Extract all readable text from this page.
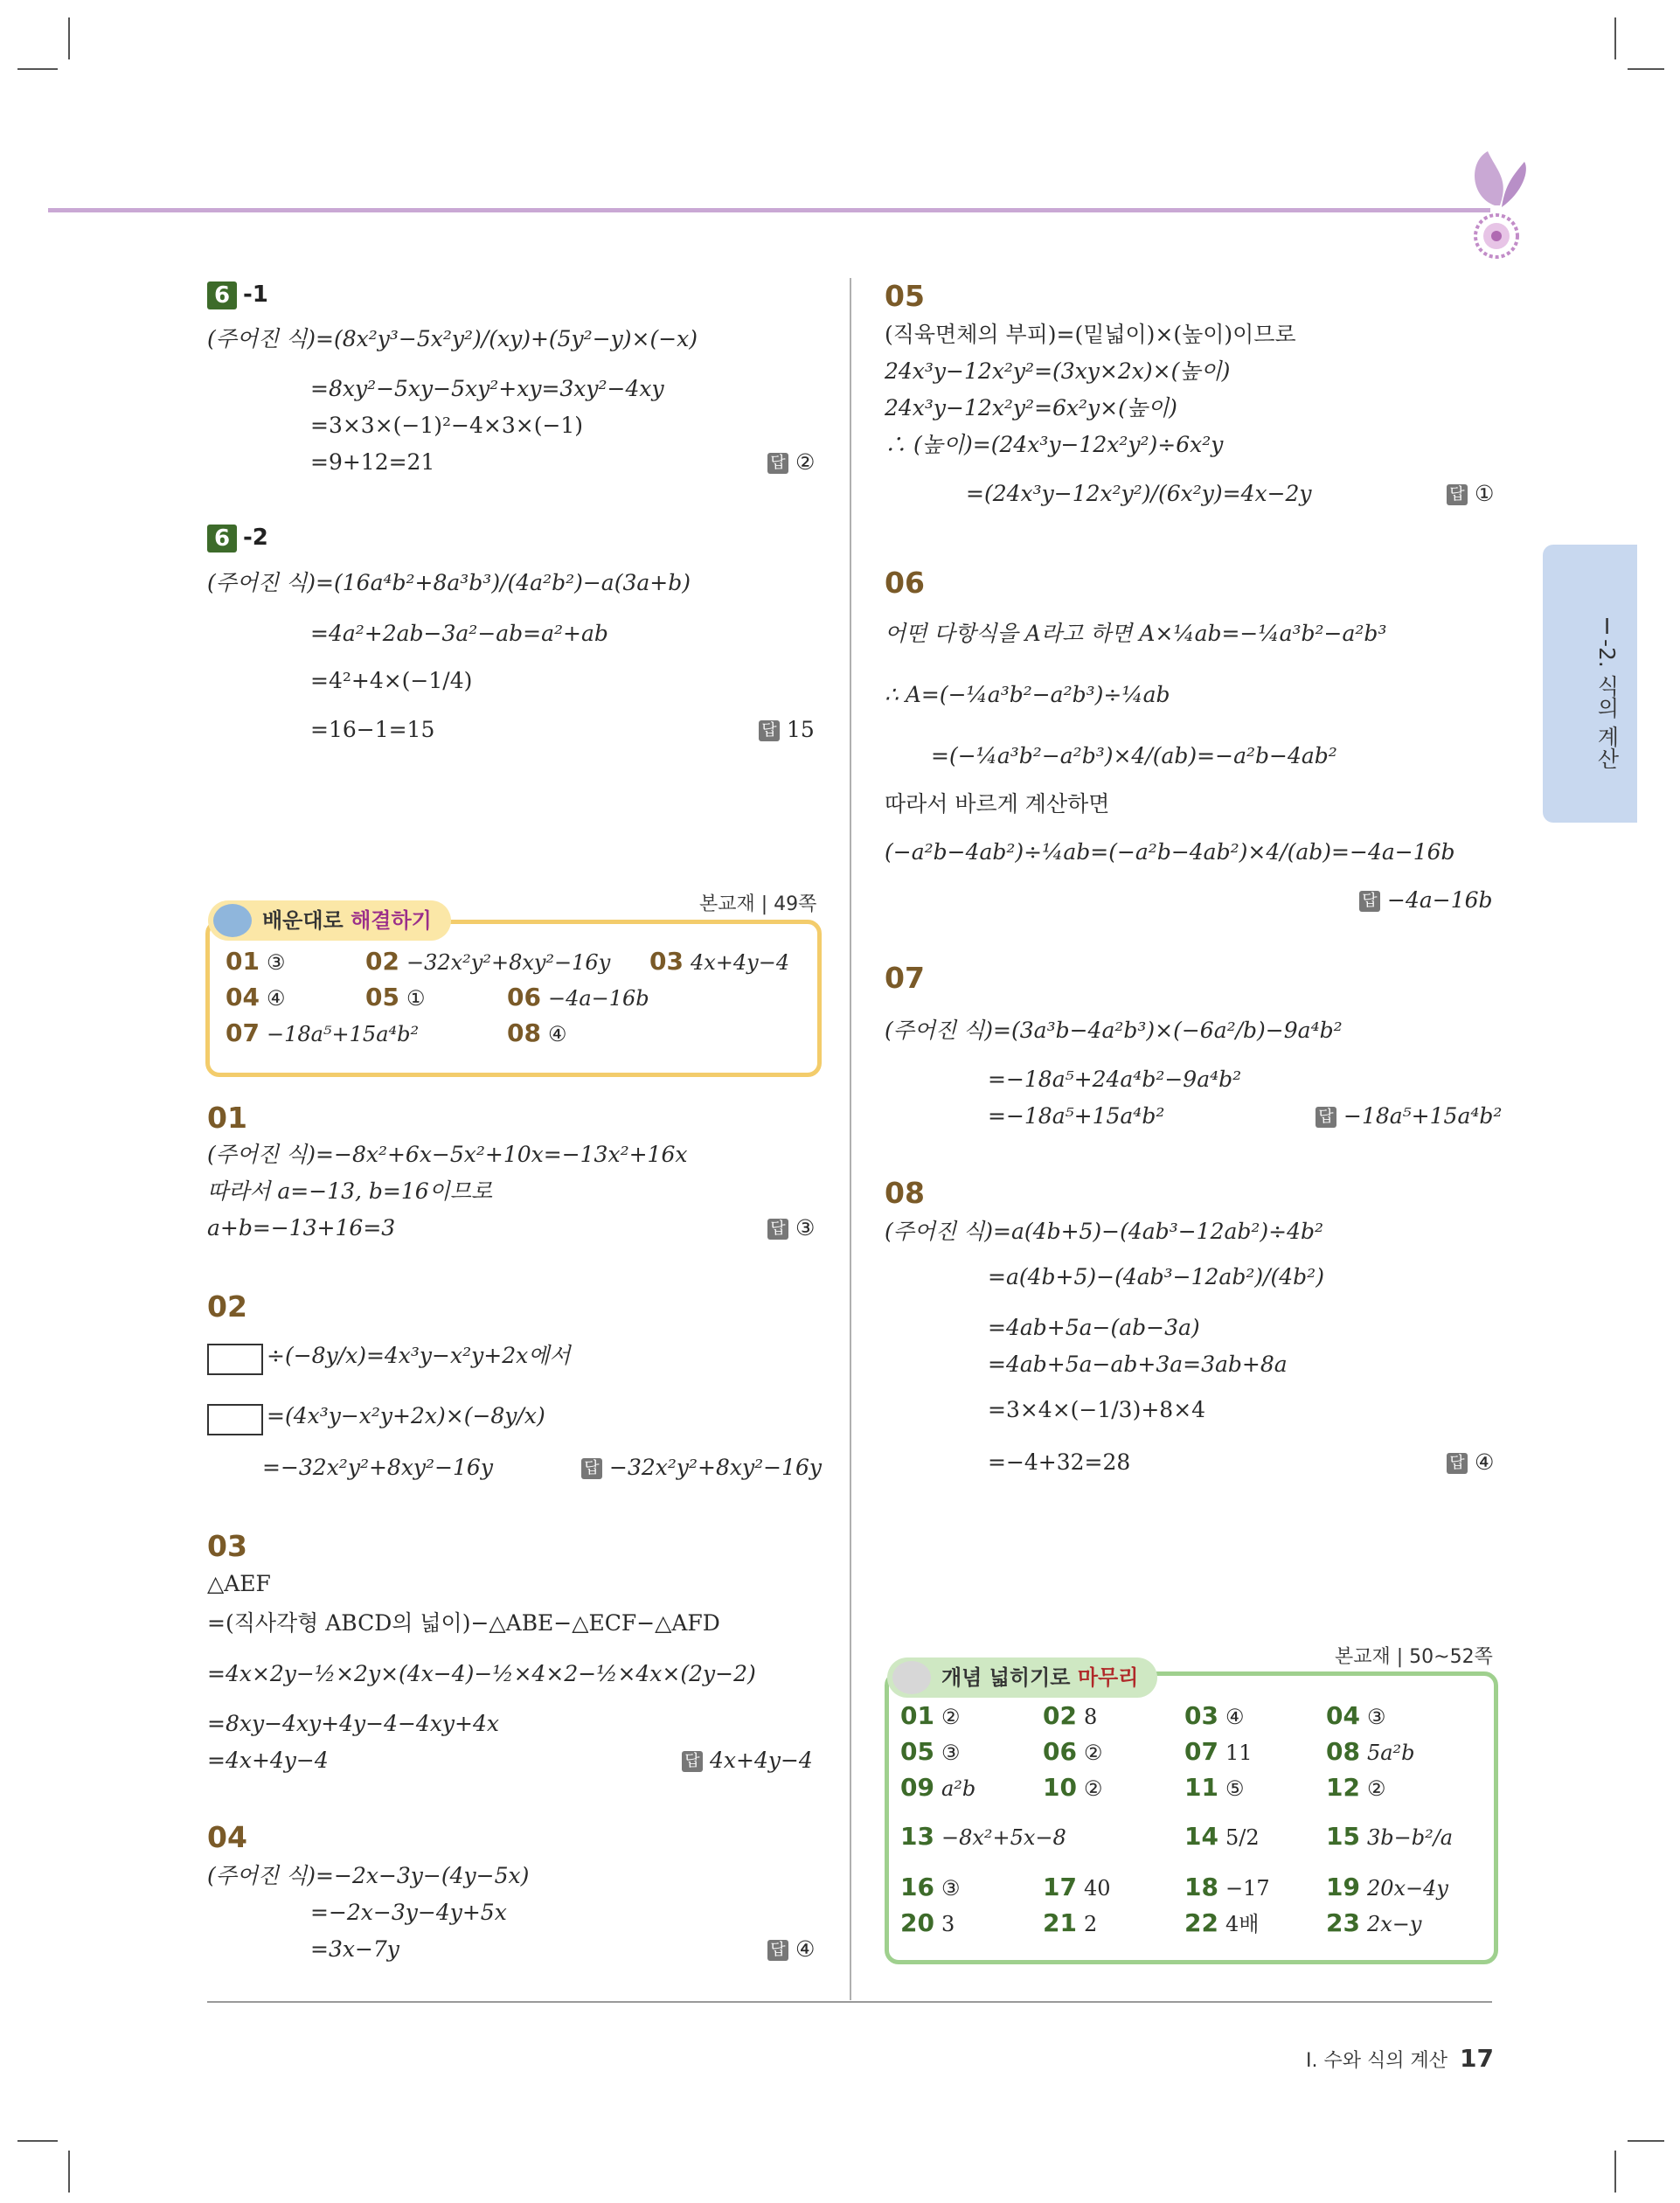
Ⅰ-2. 식의 계산
6 -1
(주어진 식)=(8x²y³−5x²y²)/(xy)+(5y²−y)×(−x)
=8xy²−5xy−5xy²+xy=3xy²−4xy
=3×3×(−1)²−4×3×(−1)
=9+12=21	답 ②
6 -2
(주어진 식)=(16a⁴b²+8a³b³)/(4a²b²)−a(3a+b)
=4a²+2ab−3a²−ab=a²+ab
=4²+4×(−1/4)
=16−1=15	답 15
배운대로 해결하기
본교재 | 49쪽
01 ③	02 −32x²y²+8xy²−16y 03 4x+4y−4
04 ④	05 ①	06 −4a−16b
07 −18a⁵+15a⁴b²	08 ④
01
(주어진 식)=−8x²+6x−5x²+10x=−13x²+16x
따라서 a=−13, b=16이므로
a+b=−13+16=3	답 ③
02
÷(−8y/x)=4x³y−x²y+2x에서
=(4x³y−x²y+2x)×(−8y/x)
=−32x²y²+8xy²−16y	답 −32x²y²+8xy²−16y
03
△AEF
=(직사각형 ABCD의 넓이)−△ABE−△ECF−△AFD
=4x×2y−½×2y×(4x−4)−½×4×2−½×4x×(2y−2)
=8xy−4xy+4y−4−4xy+4x
=4x+4y−4	답 4x+4y−4
04
(주어진 식)=−2x−3y−(4y−5x)
=−2x−3y−4y+5x
=3x−7y	답 ④
05
(직육면체의 부피)=(밑넓이)×(높이)이므로
24x³y−12x²y²=(3xy×2x)×(높이)
24x³y−12x²y²=6x²y×(높이)
∴ (높이)=(24x³y−12x²y²)÷6x²y
=(24x³y−12x²y²)/(6x²y)=4x−2y	답 ①
06
어떤 다항식을 A라고 하면 A×¼ab=−¼a³b²−a²b³
∴ A=(−¼a³b²−a²b³)÷¼ab
=(−¼a³b²−a²b³)×4/(ab)=−a²b−4ab²
따라서 바르게 계산하면
(−a²b−4ab²)÷¼ab=(−a²b−4ab²)×4/(ab)=−4a−16b
답 −4a−16b
07
(주어진 식)=(3a³b−4a²b³)×(−6a²/b)−9a⁴b²
=−18a⁵+24a⁴b²−9a⁴b²
=−18a⁵+15a⁴b²	답 −18a⁵+15a⁴b²
08
(주어진 식)=a(4b+5)−(4ab³−12ab²)÷4b²
=a(4b+5)−(4ab³−12ab²)/(4b²)
=4ab+5a−(ab−3a)
=4ab+5a−ab+3a=3ab+8a
=3×4×(−1/3)+8×4
=−4+32=28	답 ④
개념 넓히기로 마무리
본교재 | 50~52쪽
01 ②	02 8	03 ④	04 ③
05 ③	06 ②	07 11	08 5a²b
09 a²b	10 ②	11 ⑤	12 ②
13 −8x²+5x−8	14 5/2	15 3b−b²/a
16 ③	17 40	18 −17 19 20x−4y
20 3	21 2	22 4배	23 2x−y
Ⅰ. 수와 식의 계산 17
